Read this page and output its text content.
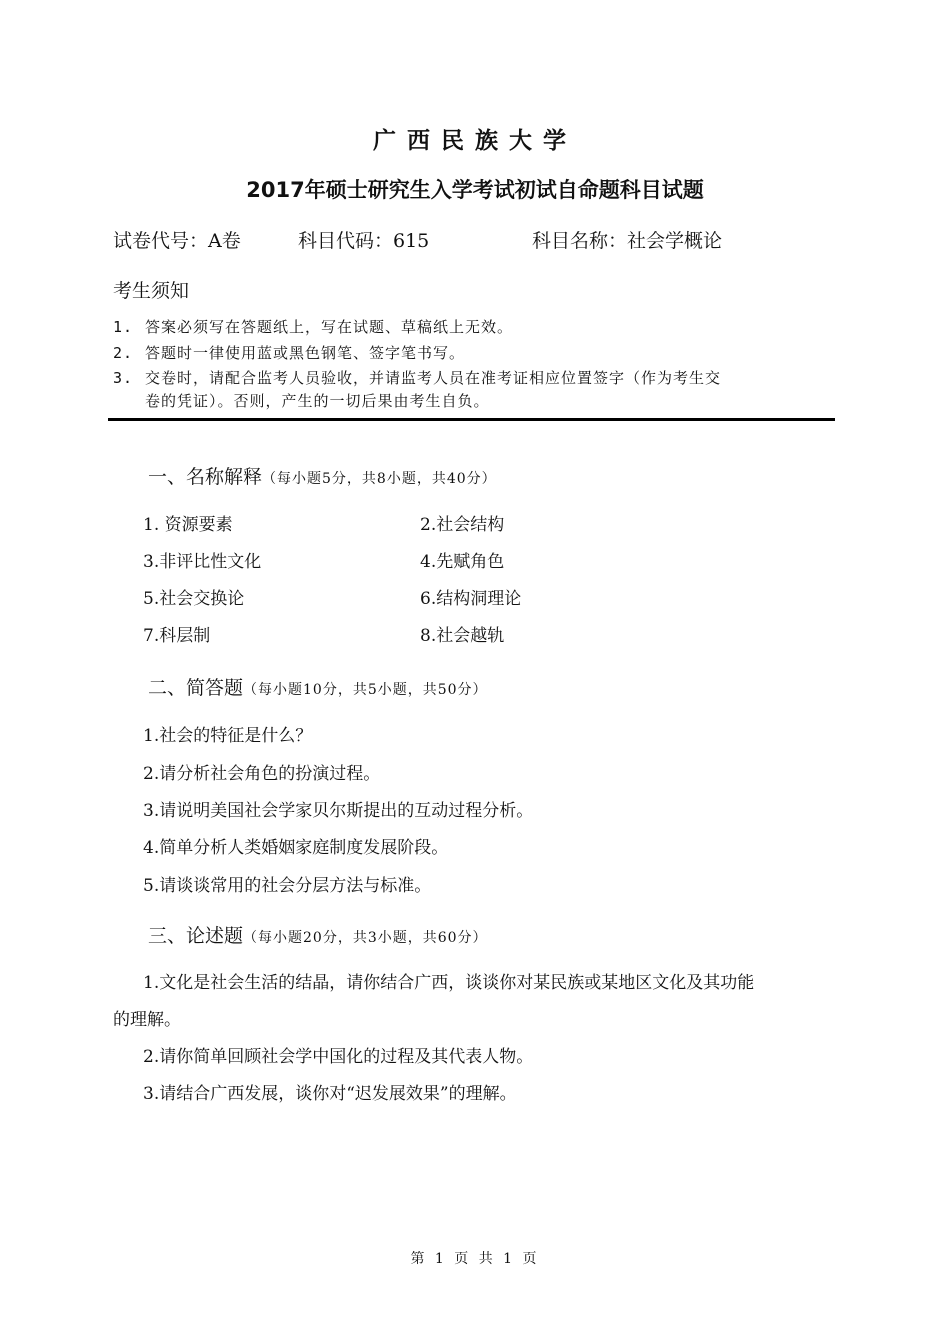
广西民族大学
2017年硕士研究生入学考试初试自命题科目试题
试卷代号：A卷	科目代码：615	科目名称：社会学概论
考生须知
1. 答案必须写在答题纸上，写在试题、草稿纸上无效。
2. 答题时一律使用蓝或黑色钢笔、签字笔书写。
3. 交卷时，请配合监考人员验收，并请监考人员在准考证相应位置签字（作为考生交
卷的凭证）。否则，产生的一切后果由考生自负。
一、名称解释（每小题5分，共8小题，共40分）
1. 资源要素	2.社会结构
3.非评比性文化	4.先赋角色
5.社会交换论	6.结构洞理论
7.科层制	8.社会越轨
二、简答题（每小题10分，共5小题，共50分）
1.社会的特征是什么？
2.请分析社会角色的扮演过程。
3.请说明美国社会学家贝尔斯提出的互动过程分析。
4.简单分析人类婚姻家庭制度发展阶段。
5.请谈谈常用的社会分层方法与标准。
三、论述题（每小题20分，共3小题，共60分）
1.文化是社会生活的结晶，请你结合广西，谈谈你对某民族或某地区文化及其功能
的理解。
2.请你简单回顾社会学中国化的过程及其代表人物。
3.请结合广西发展，谈你对“迟发展效果”的理解。
第 1 页 共 1 页
